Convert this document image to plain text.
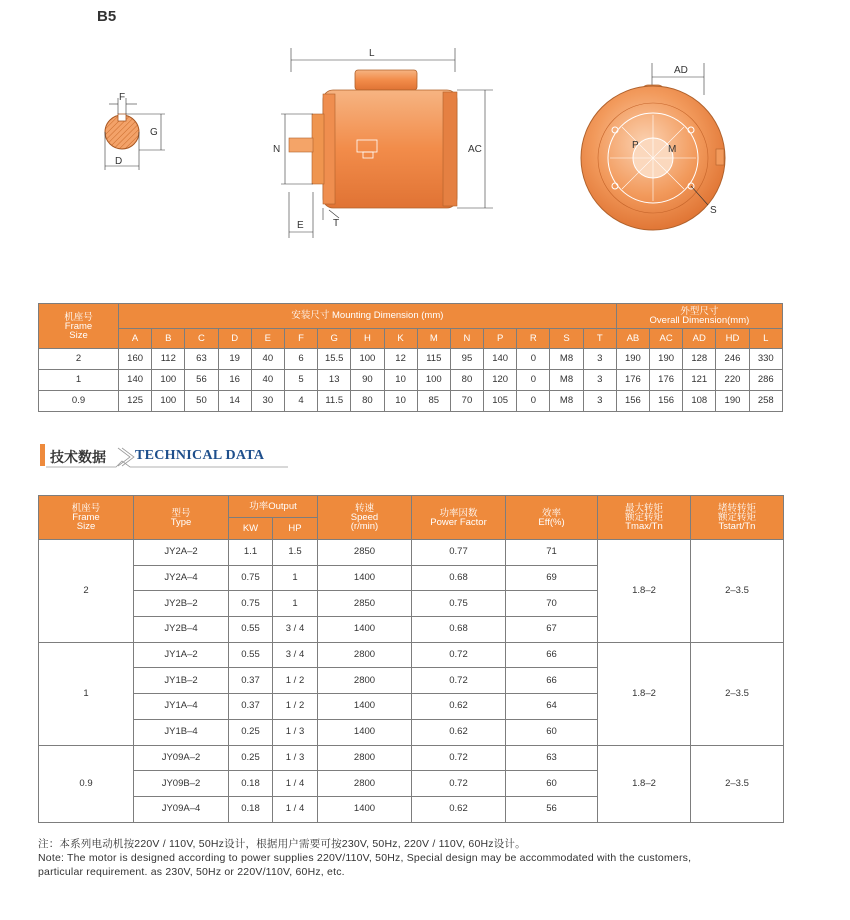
B5
F
G
D
L
N	AC
E	T
AD
P	M
S
机座号
Frame
Size	安装尺寸 Mounting Dimension (mm)															外型尺寸
Overall Dimension(mm)				

	A	B	C	D	E	F	G	H	K	M	N	P	R	S	T	AB	AC	AD	HD	L
2	160	112	63	19	40	6	15.5	100	12	115	95	140	0	M8	3	190	190	128	246	330
1	140	100	56	16	40	5	13	90	10	100	80	120	0	M8	3	176	176	121	220	286
0.9	125	100	50	14	30	4	11.5	80	10	85	70	105	0	M8	3	156	156	108	190	258
技术数据 TECHNICAL DATA
机座号
Frame
Size	型号
Type	功率Output		转速
Speed
(r/min)	功率因数
Power Factor	效率
Eff(%)	最大转矩
额定转矩
Tmax/Tn	堵转转矩
额定转矩
Tstart/Tn

		KW	HP					
2	JY2A–2	1.1	1.5	2850	0.77	71	1.8–2	2–3.5
	JY2A–4	0.75	1	1400	0.68	69		
	JY2B–2	0.75	1	2850	0.75	70		
	JY2B–4	0.55	3 / 4	1400	0.68	67		
1	JY1A–2	0.55	3 / 4	2800	0.72	66	1.8–2	2–3.5
	JY1B–2	0.37	1 / 2	2800	0.72	66		
	JY1A–4	0.37	1 / 2	1400	0.62	64		
	JY1B–4	0.25	1 / 3	1400	0.62	60		
0.9	JY09A–2	0.25	1 / 3	2800	0.72	63	1.8–2	2–3.5
	JY09B–2	0.18	1 / 4	2800	0.72	60		
	JY09A–4	0.18	1 / 4	1400	0.62	56		
注：本系列电动机按220V / 110V, 50Hz设计，根据用户需要可按230V, 50Hz, 220V / 110V, 60Hz设计。
Note: The motor is designed according to power supplies 220V/110V, 50Hz, Special design may be accommodated with the customers,
particular requirement. as 230V, 50Hz or 220V/110V, 60Hz, etc.
